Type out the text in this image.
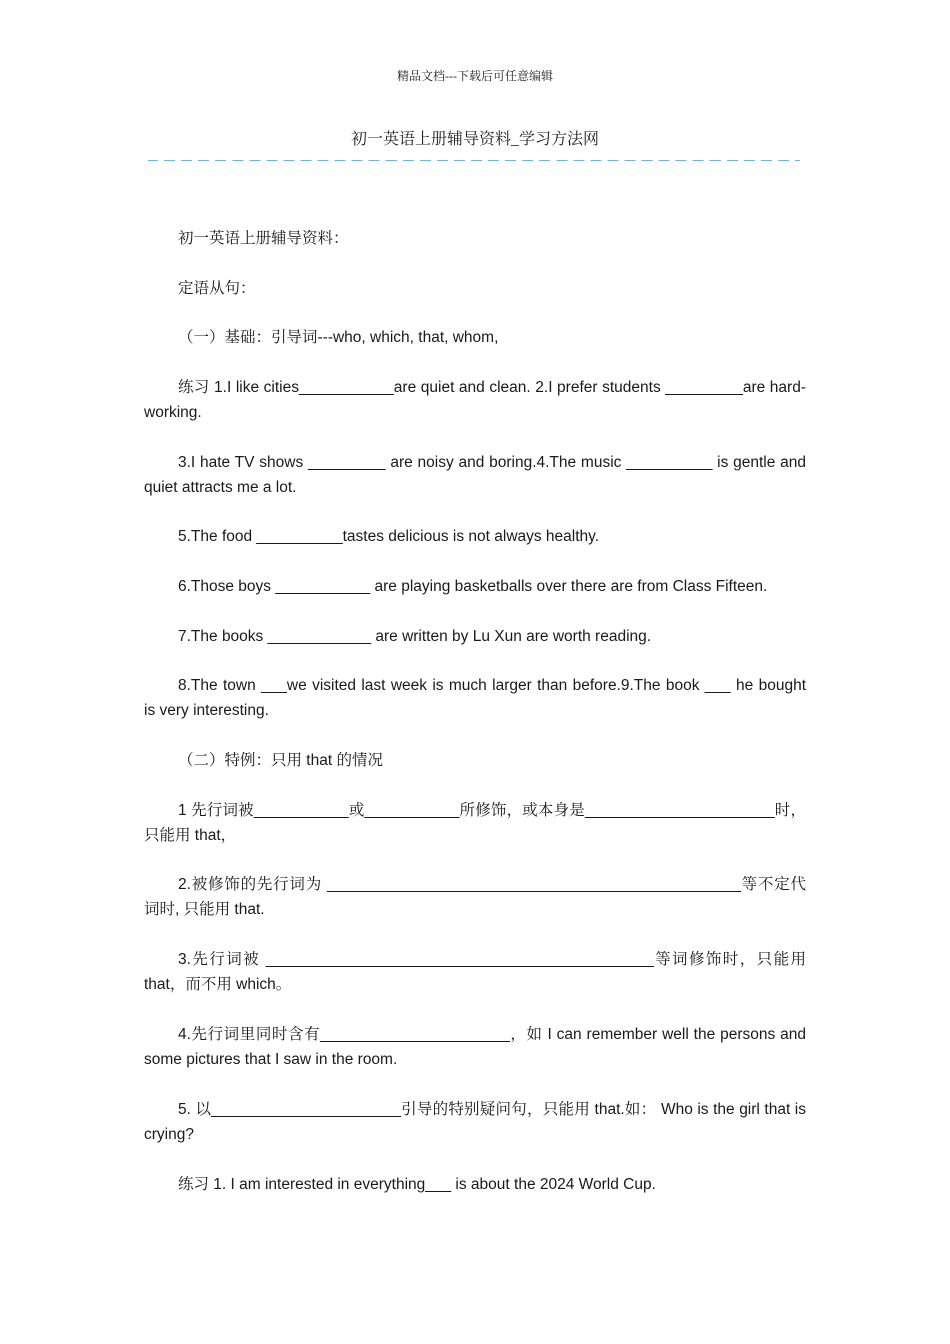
精品文档---下载后可任意编辑
初一英语上册辅导资料_学习方法网
初一英语上册辅导资料：
定语从句：
（一）基础：引导词---who, which, that, whom,
练习 1.I like cities___________are quiet and clean. 2.I prefer students _________are hard-working.
3.I hate TV shows _________ are noisy and boring.4.The music __________ is gentle and quiet attracts me a lot.
5.The food __________tastes delicious is not always healthy.
6.Those boys ___________ are playing basketballs over there are from Class Fifteen.
7.The books ____________ are written by Lu Xun are worth reading.
8.The town ___we visited last week is much larger than before.9.The book ___ he bought is very interesting.
（二）特例：只用 that 的情况
1 先行词被___________或___________所修饰，或本身是______________________时，只能用 that，
2.被修饰的先行词为 ________________________________________________等不定代词时, 只能用 that.
3.先行词被 _____________________________________________等词修饰时，只能用 that，而不用 which。
4.先行词里同时含有______________________，如 I can remember well the persons and some pictures that I saw in the room.
5. 以______________________引导的特别疑问句，只能用 that.如： Who is the girl that is crying?
练习 1. I am interested in everything___ is about the 2024 World Cup.
